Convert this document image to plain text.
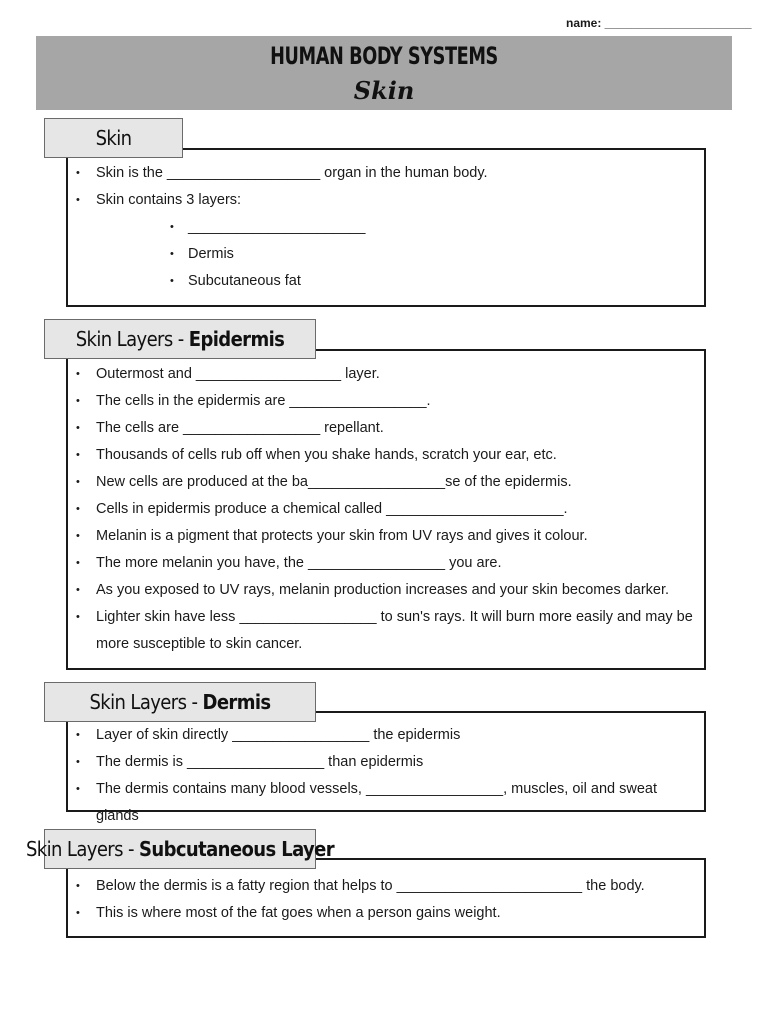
name: ______________________
HUMAN BODY SYSTEMS
Skin
• Skin is the ___________________ organ in the human body.
• Skin contains 3 layers:
• ______________________
• Dermis
• Subcutaneous fat
Skin
• Outermost and __________________ layer.
• The cells in the epidermis are _________________.
• The cells are _________________ repellant.
• Thousands of cells rub off when you shake hands, scratch your ear, etc.
• New cells are produced at the ba_________________se of the epidermis.
• Cells in epidermis produce a chemical called ______________________.
• Melanin is a pigment that protects your skin from UV rays and gives it colour.
• The more melanin you have, the _________________ you are.
• As you exposed to UV rays, melanin production increases and your skin becomes darker.
• Lighter skin have less _________________ to sun's rays. It will burn more easily and may be more susceptible to skin cancer.
Skin Layers - Epidermis
• Layer of skin directly _________________ the epidermis
• The dermis is _________________ than epidermis
• The dermis contains many blood vessels, _________________, muscles, oil and sweat glands
Skin Layers - Dermis
• Below the dermis is a fatty region that helps to _______________________ the body.
• This is where most of the fat goes when a person gains weight.
Skin Layers - Subcutaneous Layer
